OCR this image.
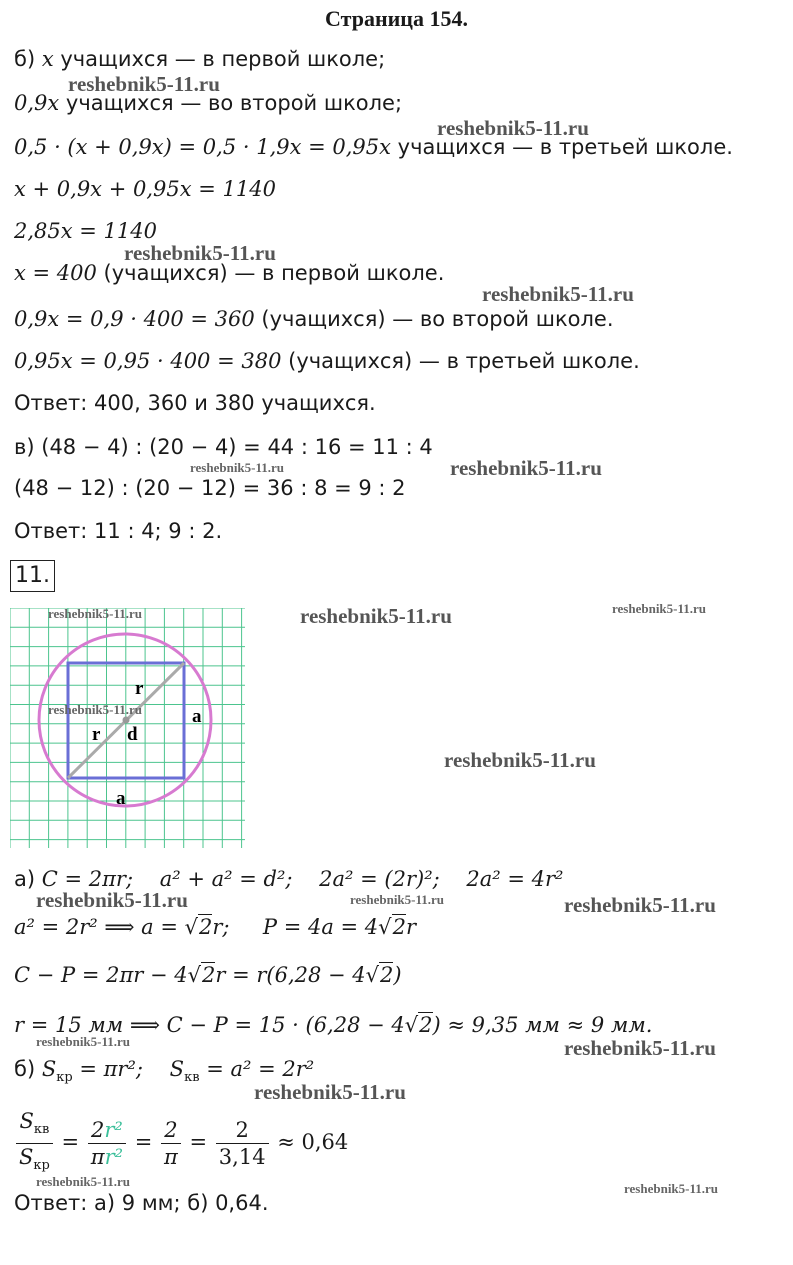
Страница 154.
б) x учащихся — в первой школе;
0,9x учащихся — во второй школе;
0,5 · (x + 0,9x) = 0,5 · 1,9x = 0,95x учащихся — в третьей школе.
x + 0,9x + 0,95x = 1140
2,85x = 1140
x = 400 (учащихся) — в первой школе.
0,9x = 0,9 · 400 = 360 (учащихся) — во второй школе.
0,95x = 0,95 · 400 = 380 (учащихся) — в третьей школе.
Ответ: 400, 360 и 380 учащихся.
в) (48 − 4) : (20 − 4) = 44 : 16 = 11 : 4
(48 − 12) : (20 − 12) = 36 : 8 = 9 : 2
Ответ: 11 : 4; 9 : 2.
11.
r
r d
a
a
а) C = 2πr; a² + a² = d²; 2a² = (2r)²; 2a² = 4r²
a² = 2r² ⟹ a = √2r; P = 4a = 4√2r
C − P = 2πr − 4√2r = r(6,28 − 4√2)
r = 15 мм ⟹ C − P = 15 · (6,28 − 4√2) ≈ 9,35 мм ≈ 9 мм.
б) $S_{кр} = \pi r^2$; $S_{кв} = a^2 = 2r^2$
$\frac{S_{кв}}{S_{кр}} = \frac{\text{2r²}}{\text{πr²}} = \frac{2}{\pi} = \frac{2}{3,14} \approx 0,64$
Ответ: а) 9 мм; б) 0,64.
reshebnik5-11.ru
reshebnik5-11.ru
reshebnik5-11.ru
reshebnik5-11.ru
reshebnik5-11.ru	reshebnik5-11.ru
reshebnik5-11.ru	reshebnik5-11.ru	reshebnik5-11.ru
reshebnik5-11.ru
reshebnik5-11.ru
reshebnik5-11.ru	reshebnik5-11.ru	reshebnik5-11.ru
reshebnik5-11.ru	reshebnik5-11.ru
reshebnik5-11.ru
reshebnik5-11.ru	reshebnik5-11.ru
